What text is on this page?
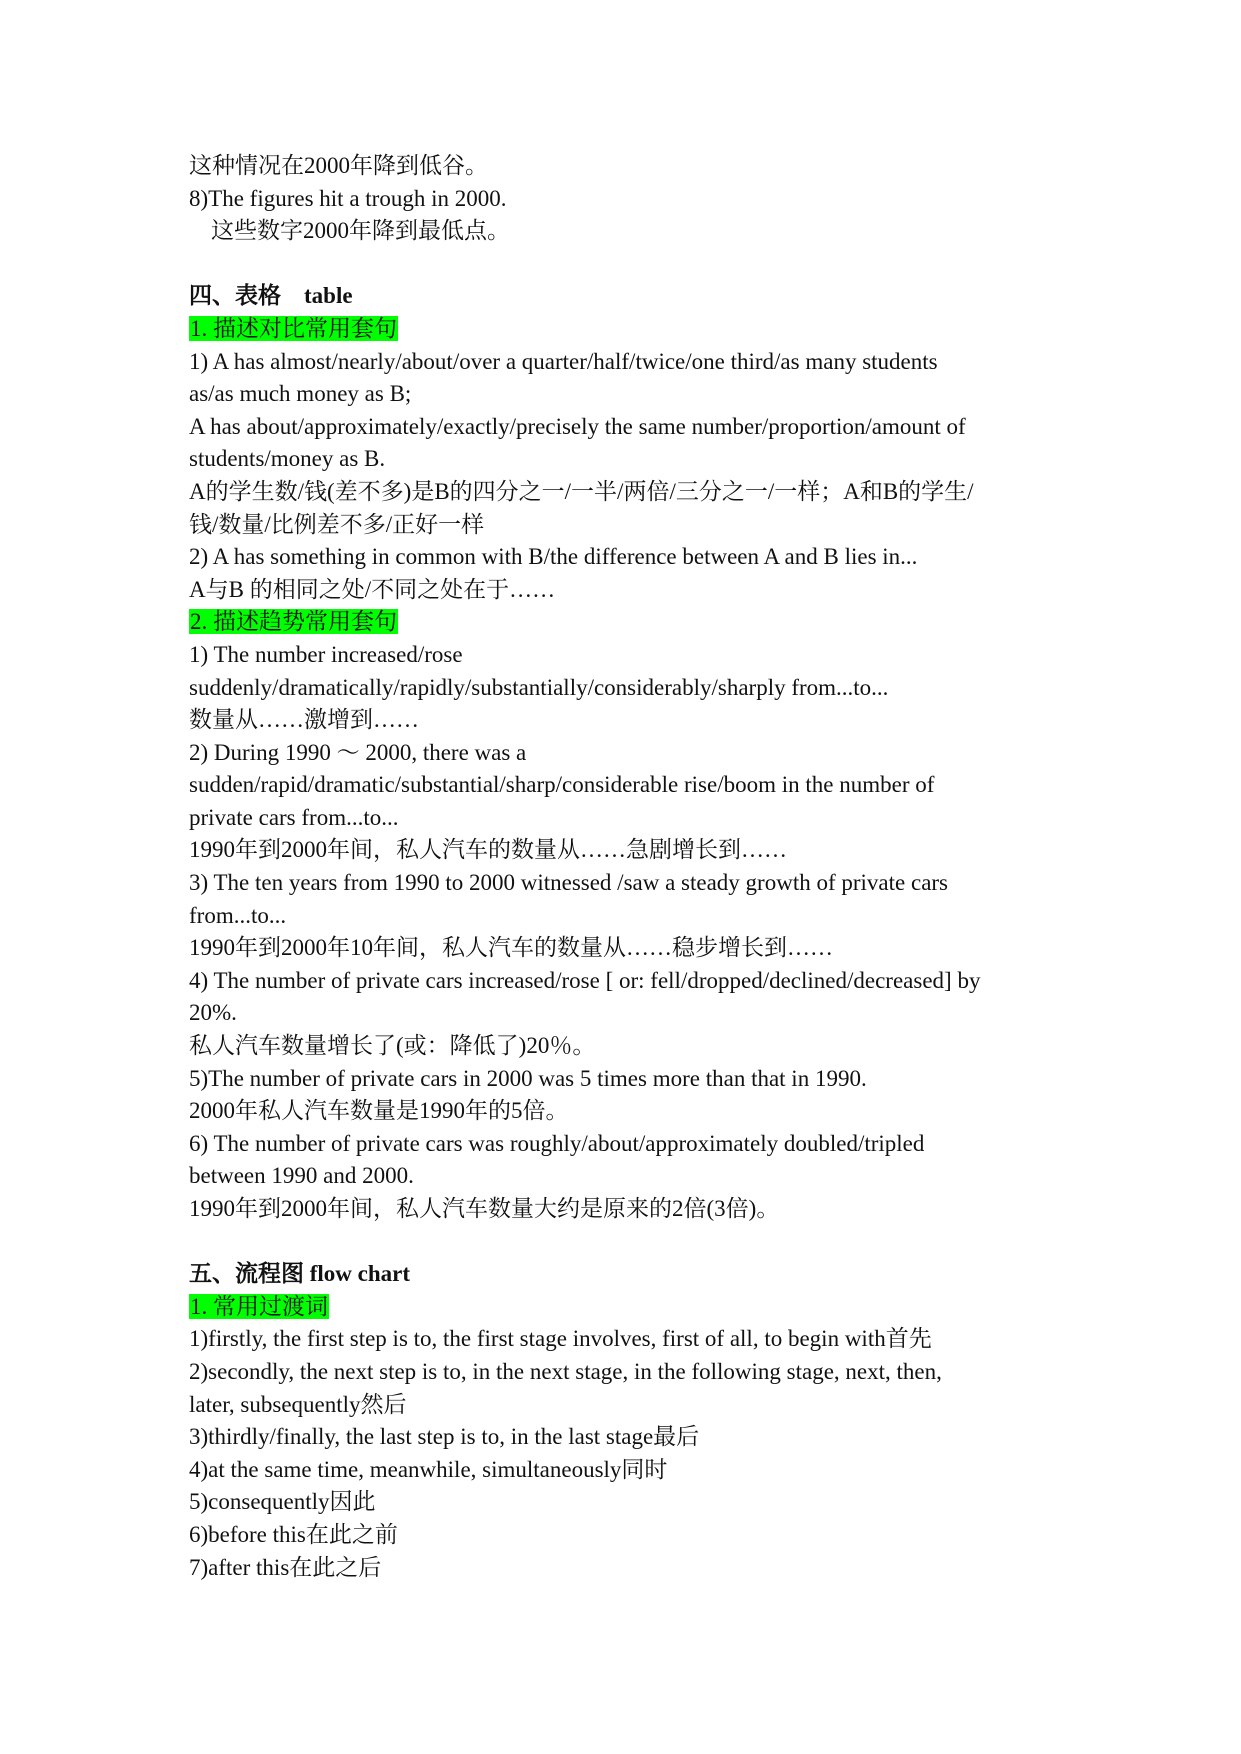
这种情况在2000年降到低谷。
8)The figures hit a trough in 2000.
这些数字2000年降到最低点。
四、表格    table
1. 描述对比常用套句
1) A has almost/nearly/about/over a quarter/half/twice/one third/as many students
as/as much money as B;
A has about/approximately/exactly/precisely the same number/proportion/amount of
students/money as B.
A的学生数/钱(差不多)是B的四分之一/一半/两倍/三分之一/一样；A和B的学生/
钱/数量/比例差不多/正好一样
2) A has something in common with B/the difference between A and B lies in...
A与B 的相同之处/不同之处在于……
2. 描述趋势常用套句
1) The number increased/rose
suddenly/dramatically/rapidly/substantially/considerably/sharply from...to...
数量从……激增到……
2) During 1990 ～ 2000, there was a
sudden/rapid/dramatic/substantial/sharp/considerable rise/boom in the number of
private cars from...to...
1990年到2000年间，私人汽车的数量从……急剧增长到……
3) The ten years from 1990 to 2000 witnessed /saw a steady growth of private cars
from...to...
1990年到2000年10年间，私人汽车的数量从……稳步增长到……
4) The number of private cars increased/rose [ or: fell/dropped/declined/decreased] by
20%.
私人汽车数量增长了(或：降低了)20％。
5)The number of private cars in 2000 was 5 times more than that in 1990.
2000年私人汽车数量是1990年的5倍。
6) The number of private cars was roughly/about/approximately doubled/tripled
between 1990 and 2000.
1990年到2000年间，私人汽车数量大约是原来的2倍(3倍)。
五、流程图 flow chart
1. 常用过渡词
1)firstly, the first step is to, the first stage involves, first of all, to begin with首先
2)secondly, the next step is to, in the next stage, in the following stage, next, then,
later, subsequently然后
3)thirdly/finally, the last step is to, in the last stage最后
4)at the same time, meanwhile, simultaneously同时
5)consequently因此
6)before this在此之前
7)after this在此之后
